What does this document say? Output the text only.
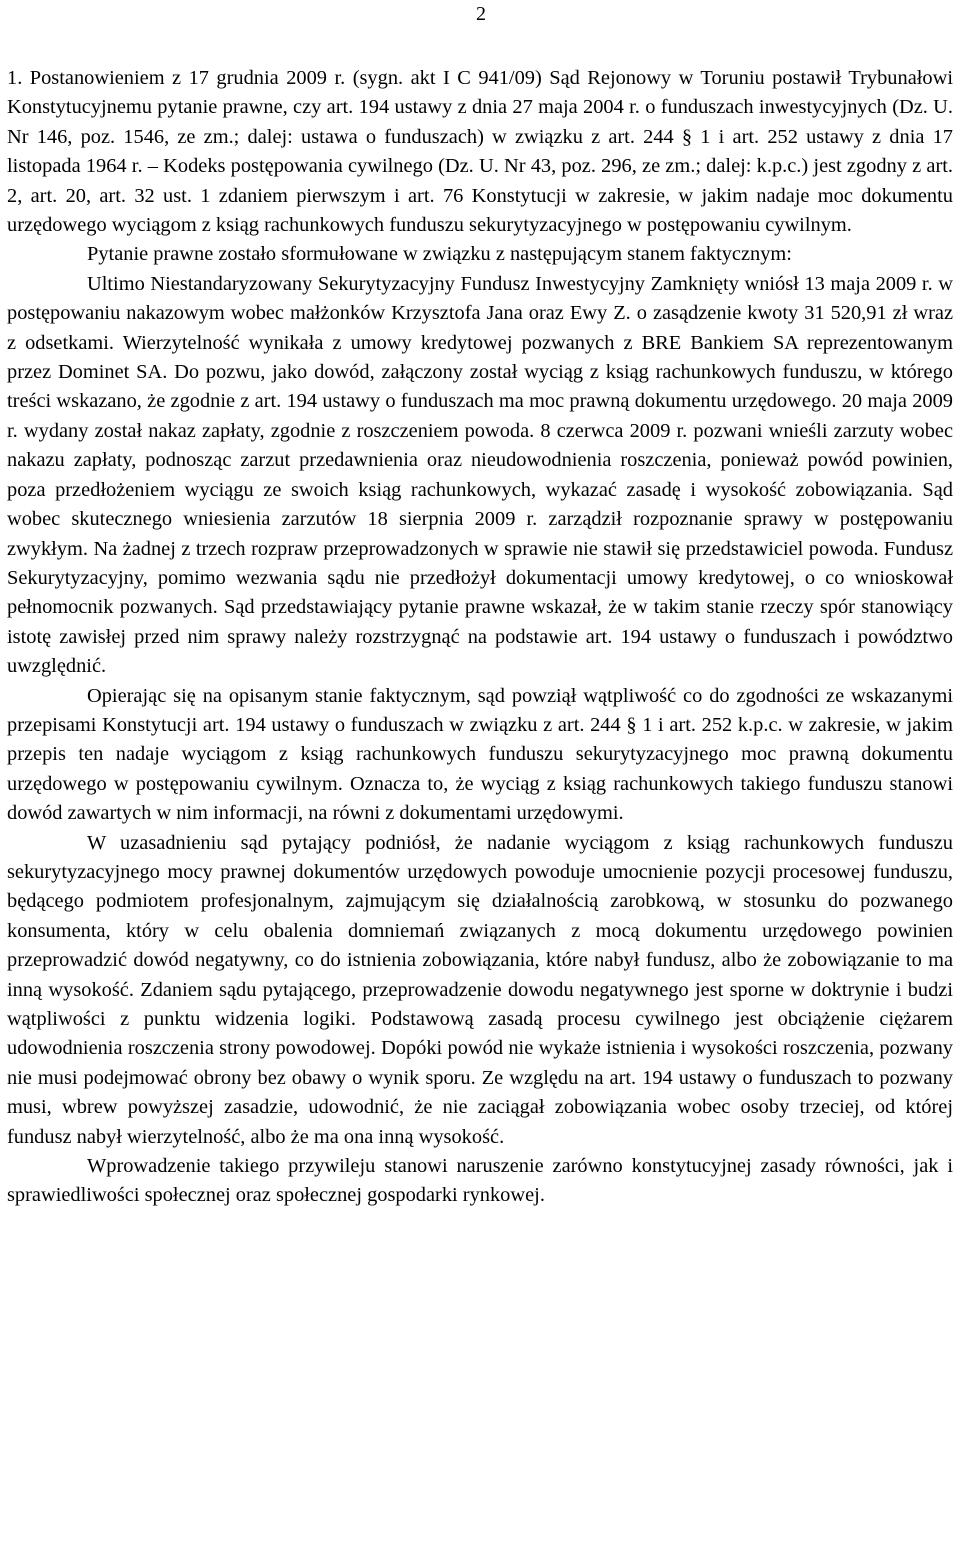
2

1. Postanowieniem z 17 grudnia 2009 r. (sygn. akt I C 941/09) Sąd Rejonowy w Toruniu postawił Trybunałowi Konstytucyjnemu pytanie prawne, czy art. 194 ustawy z dnia 27 maja 2004 r. o funduszach inwestycyjnych (Dz. U. Nr 146, poz. 1546, ze zm.; dalej: ustawa o funduszach) w związku z art. 244 § 1 i art. 252 ustawy z dnia 17 listopada 1964 r. – Kodeks postępowania cywilnego (Dz. U. Nr 43, poz. 296, ze zm.; dalej: k.p.c.) jest zgodny z art. 2, art. 20, art. 32 ust. 1 zdaniem pierwszym i art. 76 Konstytucji w zakresie, w jakim nadaje moc dokumentu urzędowego wyciągom z ksiąg rachunkowych funduszu sekurytyzacyjnego w postępowaniu cywilnym.

Pytanie prawne zostało sformułowane w związku z następującym stanem faktycznym:

Ultimo Niestandaryzowany Sekurytyzacyjny Fundusz Inwestycyjny Zamknięty wniósł 13 maja 2009 r. w postępowaniu nakazowym wobec małżonków Krzysztofa Jana oraz Ewy Z. o zasądzenie kwoty 31 520,91 zł wraz z odsetkami. Wierzytelność wynikała z umowy kredytowej pozwanych z BRE Bankiem SA reprezentowanym przez Dominet SA. Do pozwu, jako dowód, załączony został wyciąg z ksiąg rachunkowych funduszu, w którego treści wskazano, że zgodnie z art. 194 ustawy o funduszach ma moc prawną dokumentu urzędowego. 20 maja 2009 r. wydany został nakaz zapłaty, zgodnie z roszczeniem powoda. 8 czerwca 2009 r. pozwani wnieśli zarzuty wobec nakazu zapłaty, podnosząc zarzut przedawnienia oraz nieudowodnienia roszczenia, ponieważ powód powinien, poza przedłożeniem wyciągu ze swoich ksiąg rachunkowych, wykazać zasadę i wysokość zobowiązania. Sąd wobec skutecznego wniesienia zarzutów 18 sierpnia 2009 r. zarządził rozpoznanie sprawy w postępowaniu zwykłym. Na żadnej z trzech rozpraw przeprowadzonych w sprawie nie stawił się przedstawiciel powoda. Fundusz Sekurytyzacyjny, pomimo wezwania sądu nie przedłożył dokumentacji umowy kredytowej, o co wnioskował pełnomocnik pozwanych. Sąd przedstawiający pytanie prawne wskazał, że w takim stanie rzeczy spór stanowiący istotę zawisłej przed nim sprawy należy rozstrzygnąć na podstawie art. 194 ustawy o funduszach i powództwo uwzględnić.

Opierając się na opisanym stanie faktycznym, sąd powziął wątpliwość co do zgodności ze wskazanymi przepisami Konstytucji art. 194 ustawy o funduszach w związku z art. 244 § 1 i art. 252 k.p.c. w zakresie, w jakim przepis ten nadaje wyciągom z ksiąg rachunkowych funduszu sekurytyzacyjnego moc prawną dokumentu urzędowego w postępowaniu cywilnym. Oznacza to, że wyciąg z ksiąg rachunkowych takiego funduszu stanowi dowód zawartych w nim informacji, na równi z dokumentami urzędowymi.

W uzasadnieniu sąd pytający podniósł, że nadanie wyciągom z ksiąg rachunkowych funduszu sekurytyzacyjnego mocy prawnej dokumentów urzędowych powoduje umocnienie pozycji procesowej funduszu, będącego podmiotem profesjonalnym, zajmującym się działalnością zarobkową, w stosunku do pozwanego konsumenta, który w celu obalenia domniemań związanych z mocą dokumentu urzędowego powinien przeprowadzić dowód negatywny, co do istnienia zobowiązania, które nabył fundusz, albo że zobowiązanie to ma inną wysokość. Zdaniem sądu pytającego, przeprowadzenie dowodu negatywnego jest sporne w doktrynie i budzi wątpliwości z punktu widzenia logiki. Podstawową zasadą procesu cywilnego jest obciążenie ciężarem udowodnienia roszczenia strony powodowej. Dopóki powód nie wykaże istnienia i wysokości roszczenia, pozwany nie musi podejmować obrony bez obawy o wynik sporu. Ze względu na art. 194 ustawy o funduszach to pozwany musi, wbrew powyższej zasadzie, udowodnić, że nie zaciągał zobowiązania wobec osoby trzeciej, od której fundusz nabył wierzytelność, albo że ma ona inną wysokość.

Wprowadzenie takiego przywileju stanowi naruszenie zarówno konstytucyjnej zasady równości, jak i sprawiedliwości społecznej oraz społecznej gospodarki rynkowej.
